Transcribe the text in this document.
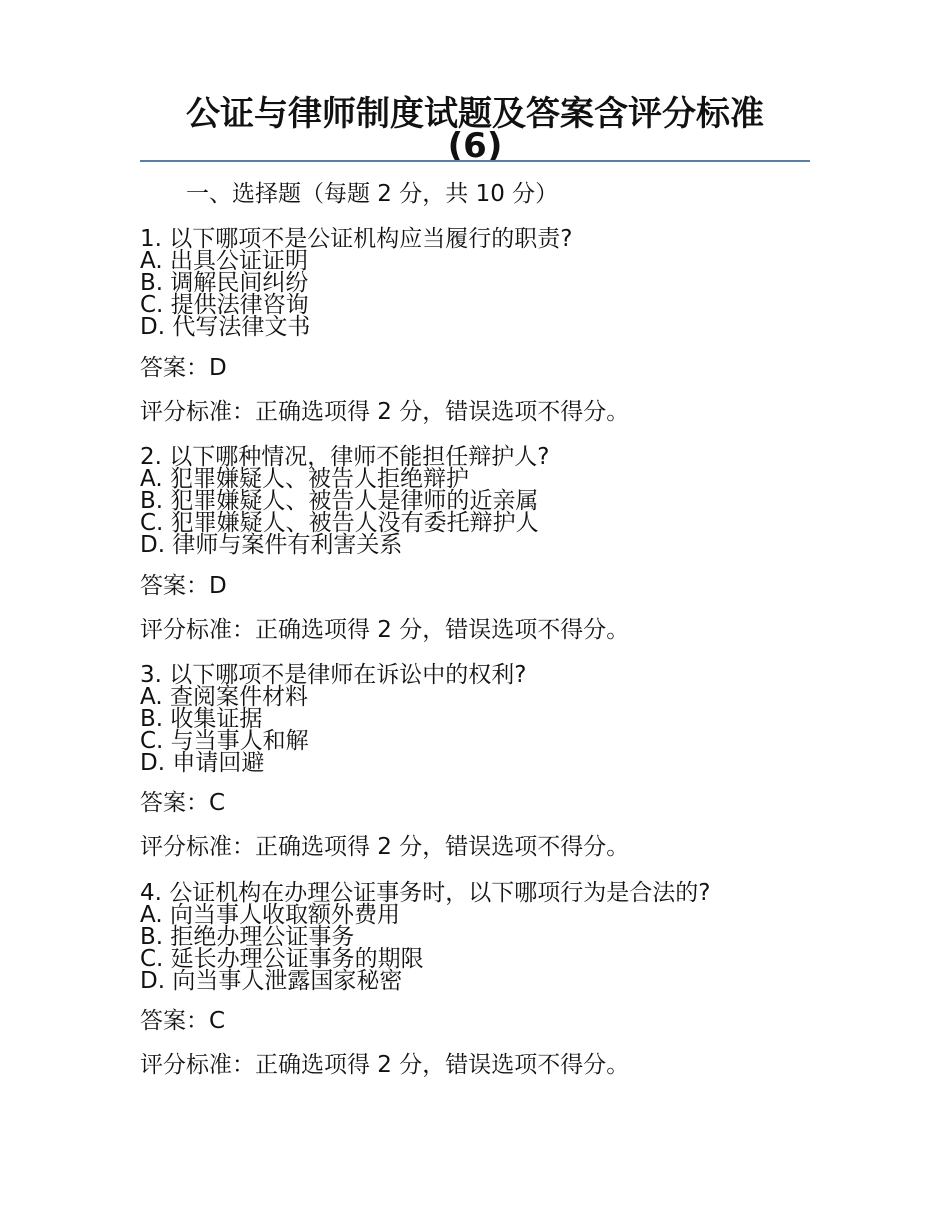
公证与律师制度试题及答案含评分标准
(6)
一、选择题（每题 2 分，共 10 分）
1. 以下哪项不是公证机构应当履行的职责?
A. 出具公证证明
B. 调解民间纠纷
C. 提供法律咨询
D. 代写法律文书
答案：D
评分标准：正确选项得 2 分，错误选项不得分。
2. 以下哪种情况，律师不能担任辩护人?
A. 犯罪嫌疑人、被告人拒绝辩护
B. 犯罪嫌疑人、被告人是律师的近亲属
C. 犯罪嫌疑人、被告人没有委托辩护人
D. 律师与案件有利害关系
答案：D
评分标准：正确选项得 2 分，错误选项不得分。
3. 以下哪项不是律师在诉讼中的权利?
A. 查阅案件材料
B. 收集证据
C. 与当事人和解
D. 申请回避
答案：C
评分标准：正确选项得 2 分，错误选项不得分。
4. 公证机构在办理公证事务时，以下哪项行为是合法的?
A. 向当事人收取额外费用
B. 拒绝办理公证事务
C. 延长办理公证事务的期限
D. 向当事人泄露国家秘密
答案：C
评分标准：正确选项得 2 分，错误选项不得分。
